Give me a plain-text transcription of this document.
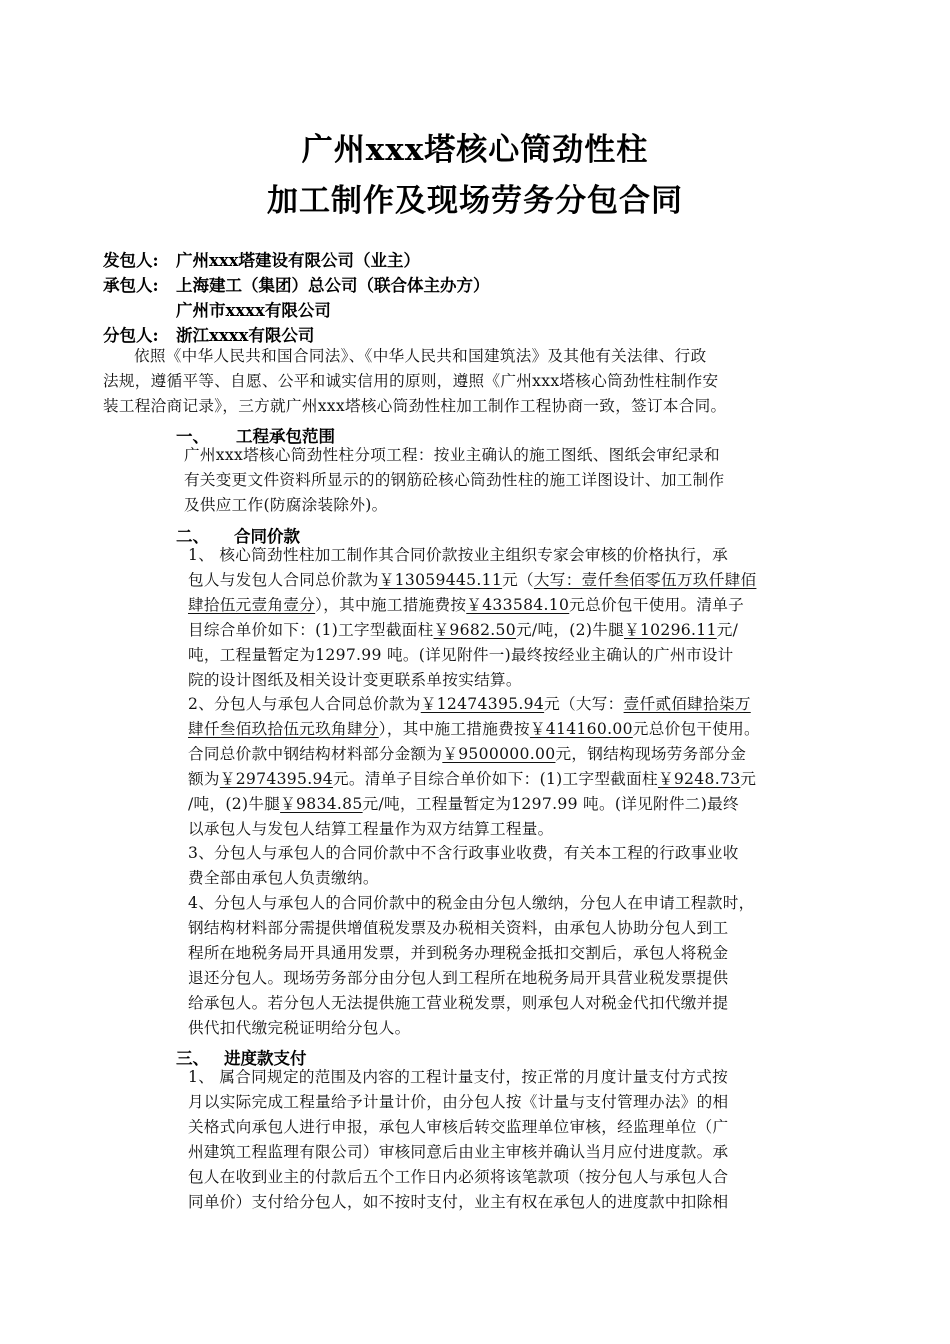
广州xxx塔核心筒劲性柱
加工制作及现场劳务分包合同
发包人: 广州xxx塔建设有限公司（业主）
承包人: 上海建工（集团）总公司（联合体主办方）
广州市xxxx有限公司
分包人: 浙江xxxx有限公司
依照《中华人民共和国合同法》、《中华人民共和国建筑法》及其他有关法律、行政
法规，遵循平等、自愿、公平和诚实信用的原则，遵照《广州xxx塔核心筒劲性柱制作安
装工程洽商记录》，三方就广州xxx塔核心筒劲性柱加工制作工程协商一致，签订本合同。
一、 工程承包范围
广州xxx塔核心筒劲性柱分项工程：按业主确认的施工图纸、图纸会审纪录和
有关变更文件资料所显示的的钢筋砼核心筒劲性柱的施工详图设计、加工制作
及供应工作(防腐涂装除外)。
二、 合同价款
1、 核心筒劲性柱加工制作其合同价款按业主组织专家会审核的价格执行，承
包人与发包人合同总价款为￥13059445.11元（大写：壹仟叁佰零伍万玖仟肆佰
肆拾伍元壹角壹分），其中施工措施费按￥433584.10元总价包干使用。清单子
目综合单价如下：(1)工字型截面柱￥9682.50元/吨，(2)牛腿￥10296.11元/
吨，工程量暂定为1297.99 吨。(详见附件一)最终按经业主确认的广州市设计
院的设计图纸及相关设计变更联系单按实结算。
2、分包人与承包人合同总价款为￥12474395.94元（大写：壹仟贰佰肆拾柒万
肆仟叁佰玖拾伍元玖角肆分），其中施工措施费按￥414160.00元总价包干使用。
合同总价款中钢结构材料部分金额为￥9500000.00元，钢结构现场劳务部分金
额为￥2974395.94元。清单子目综合单价如下：(1)工字型截面柱￥9248.73元
/吨，(2)牛腿￥9834.85元/吨，工程量暂定为1297.99 吨。(详见附件二)最终
以承包人与发包人结算工程量作为双方结算工程量。
3、分包人与承包人的合同价款中不含行政事业收费，有关本工程的行政事业收
费全部由承包人负责缴纳。
4、分包人与承包人的合同价款中的税金由分包人缴纳，分包人在申请工程款时，
钢结构材料部分需提供增值税发票及办税相关资料，由承包人协助分包人到工
程所在地税务局开具通用发票，并到税务办理税金抵扣交割后，承包人将税金
退还分包人。现场劳务部分由分包人到工程所在地税务局开具营业税发票提供
给承包人。若分包人无法提供施工营业税发票，则承包人对税金代扣代缴并提
供代扣代缴完税证明给分包人。
三、 进度款支付
1、 属合同规定的范围及内容的工程计量支付，按正常的月度计量支付方式按
月以实际完成工程量给予计量计价，由分包人按《计量与支付管理办法》的相
关格式向承包人进行申报，承包人审核后转交监理单位审核，经监理单位（广
州建筑工程监理有限公司）审核同意后由业主审核并确认当月应付进度款。承
包人在收到业主的付款后五个工作日内必须将该笔款项（按分包人与承包人合
同单价）支付给分包人，如不按时支付，业主有权在承包人的进度款中扣除相
